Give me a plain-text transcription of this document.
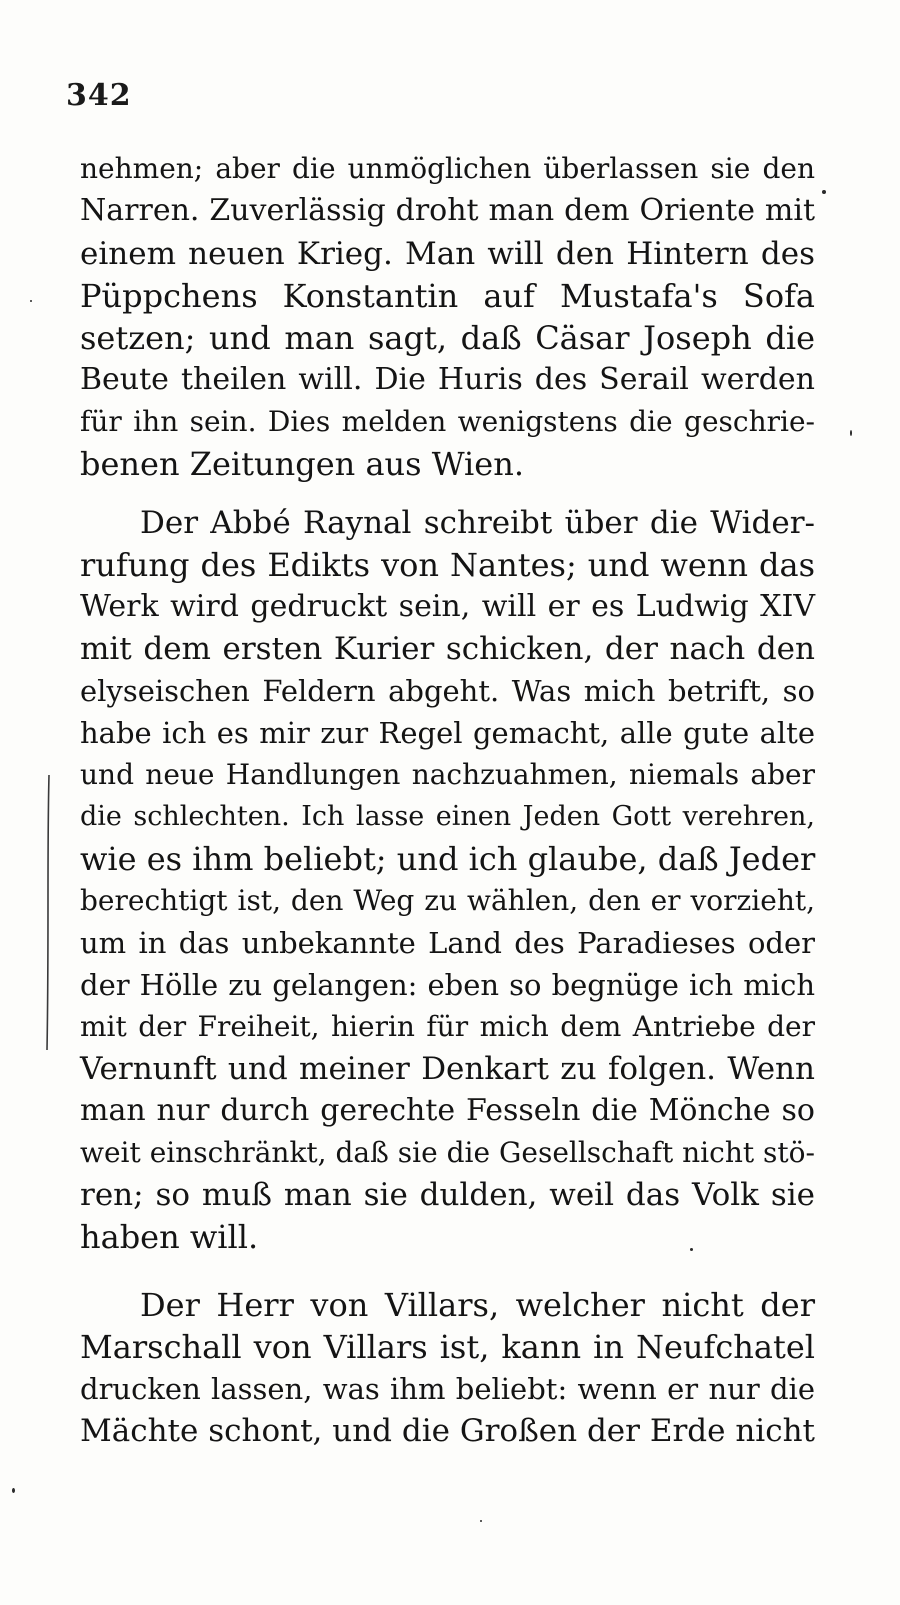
342
nehmen; aber die unmöglichen überlassen sie den
Narren. Zuverlässig droht man dem Oriente mit
einem neuen Krieg. Man will den Hintern des
Püppchens Konstantin auf Mustafa's Sofa
setzen; und man sagt, daß Cäsar Joseph die
Beute theilen will. Die Huris des Serail werden
für ihn sein. Dies melden wenigstens die geschrie-
benen Zeitungen aus Wien.
Der Abbé Raynal schreibt über die Wider-
rufung des Edikts von Nantes; und wenn das
Werk wird gedruckt sein, will er es Ludwig XIV
mit dem ersten Kurier schicken, der nach den
elyseischen Feldern abgeht. Was mich betrift, so
habe ich es mir zur Regel gemacht, alle gute alte
und neue Handlungen nachzuahmen, niemals aber
die schlechten. Ich lasse einen Jeden Gott verehren,
wie es ihm beliebt; und ich glaube, daß Jeder
berechtigt ist, den Weg zu wählen, den er vorzieht,
um in das unbekannte Land des Paradieses oder
der Hölle zu gelangen: eben so begnüge ich mich
mit der Freiheit, hierin für mich dem Antriebe der
Vernunft und meiner Denkart zu folgen. Wenn
man nur durch gerechte Fesseln die Mönche so
weit einschränkt, daß sie die Gesellschaft nicht stö-
ren; so muß man sie dulden, weil das Volk sie
haben will.
Der Herr von Villars, welcher nicht der
Marschall von Villars ist, kann in Neufchatel
drucken lassen, was ihm beliebt: wenn er nur die
Mächte schont, und die Großen der Erde nicht
